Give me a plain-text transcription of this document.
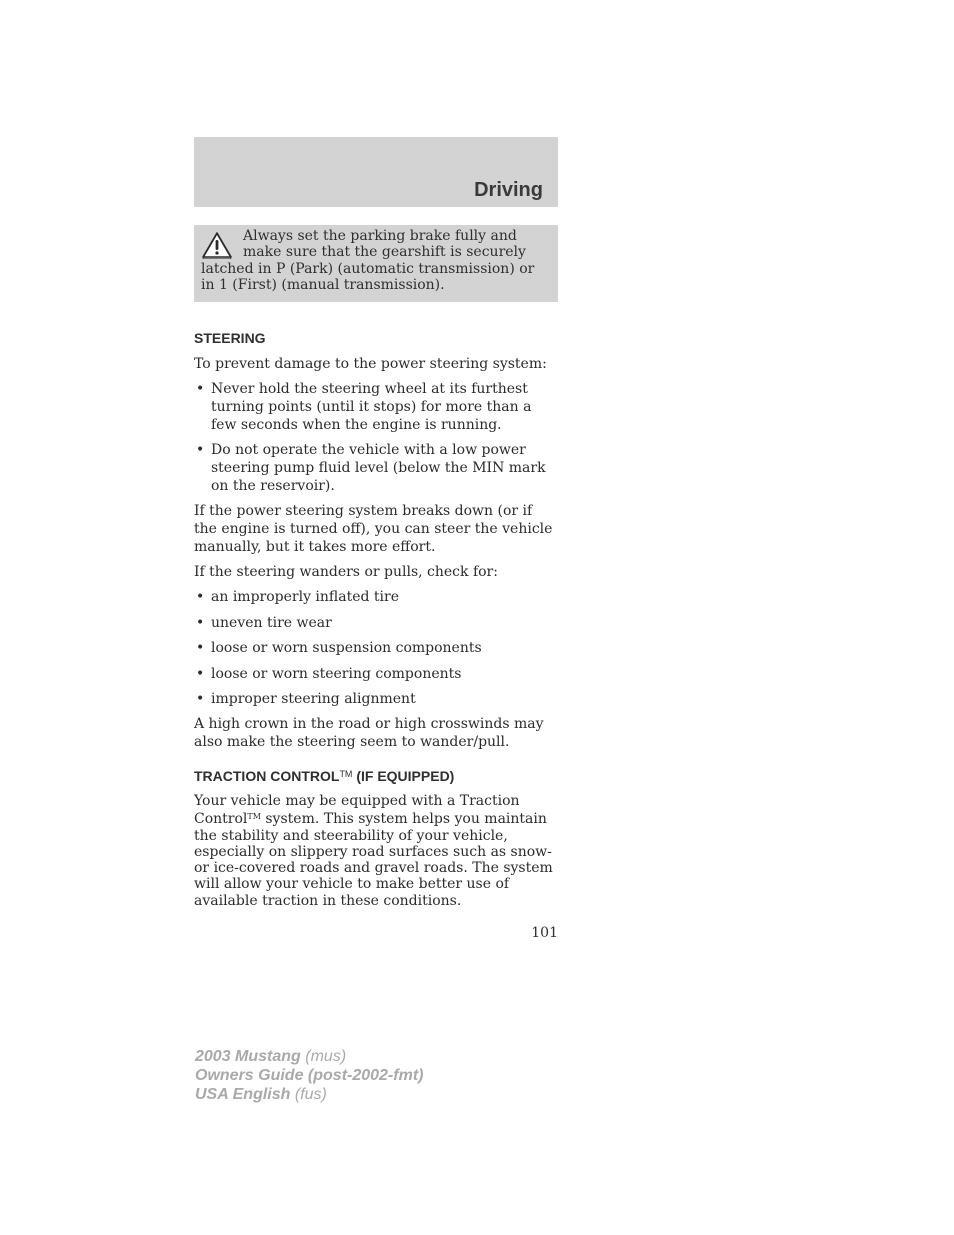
Driving

Always set the parking brake fully and make sure that the gearshift is securely latched in P (Park) (automatic transmission) or in 1 (First) (manual transmission).

STEERING

To prevent damage to the power steering system:

• Never hold the steering wheel at its furthest turning points (until it stops) for more than a few seconds when the engine is running.
• Do not operate the vehicle with a low power steering pump fluid level (below the MIN mark on the reservoir).

If the power steering system breaks down (or if the engine is turned off), you can steer the vehicle manually, but it takes more effort.

If the steering wanders or pulls, check for:

• an improperly inflated tire
• uneven tire wear
• loose or worn suspension components
• loose or worn steering components
• improper steering alignment

A high crown in the road or high crosswinds may also make the steering seem to wander/pull.

TRACTION CONTROL™ (IF EQUIPPED)

Your vehicle may be equipped with a Traction Control™ system. This system helps you maintain the stability and steerability of your vehicle, especially on slippery road surfaces such as snow- or ice-covered roads and gravel roads. The system will allow your vehicle to make better use of available traction in these conditions.

101
2003 Mustang (mus)
Owners Guide (post-2002-fmt)
USA English (fus)
